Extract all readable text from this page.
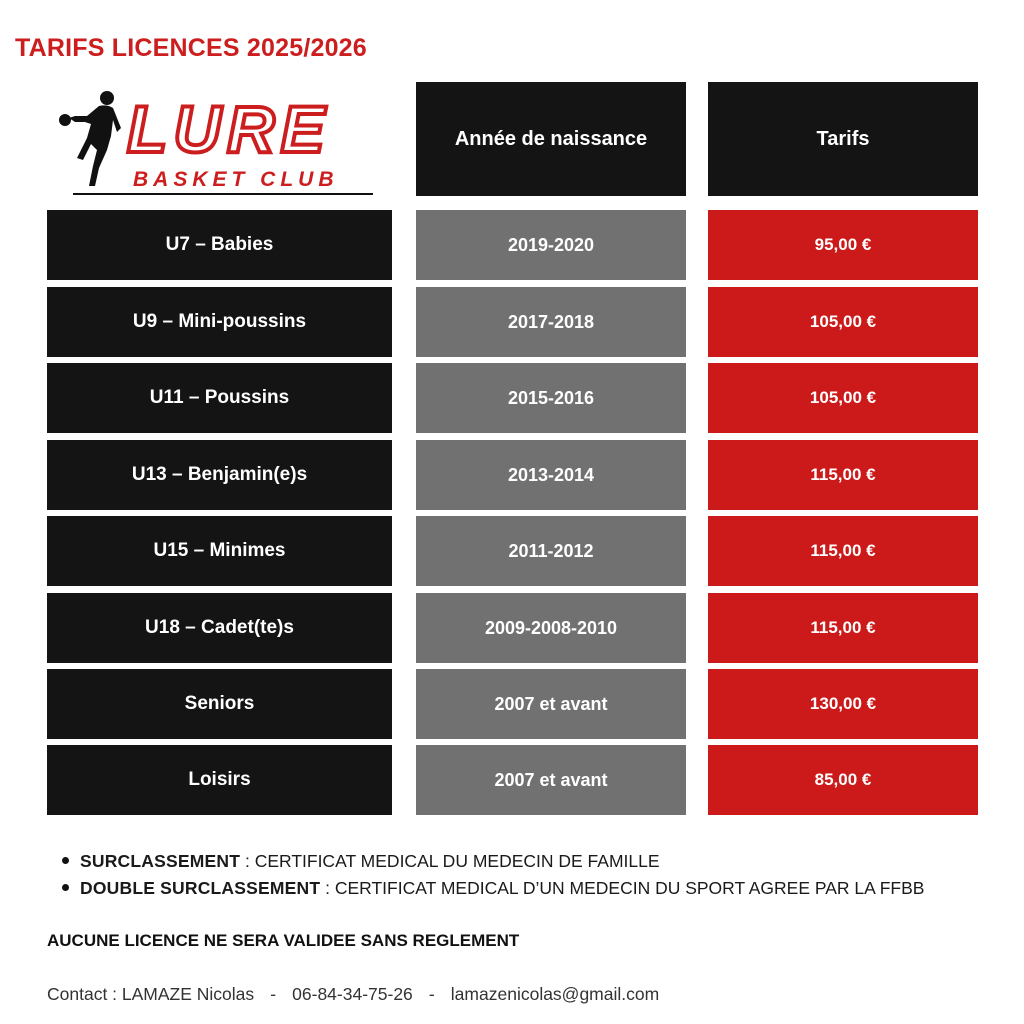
TARIFS LICENCES 2025/2026
LURE
BASKET CLUB
Année de naissance	Tarifs
U7 – Babies	2019-2020	95,00 €
U9 – Mini-poussins	2017-2018	105,00 €
U11 – Poussins	2015-2016	105,00 €
U13 – Benjamin(e)s	2013-2014	115,00 €
U15 – Minimes	2011-2012	115,00 €
U18 – Cadet(te)s	2009-2008-2010	115,00 €
Seniors	2007 et avant	130,00 €
Loisirs	2007 et avant	85,00 €
SURCLASSEMENT : CERTIFICAT MEDICAL DU MEDECIN DE FAMILLE
DOUBLE SURCLASSEMENT : CERTIFICAT MEDICAL D’UN MEDECIN DU SPORT AGREE PAR LA FFBB
AUCUNE LICENCE NE SERA VALIDEE SANS REGLEMENT
Contact : LAMAZE Nicolas - 06-84-34-75-26 - lamazenicolas@gmail.com
